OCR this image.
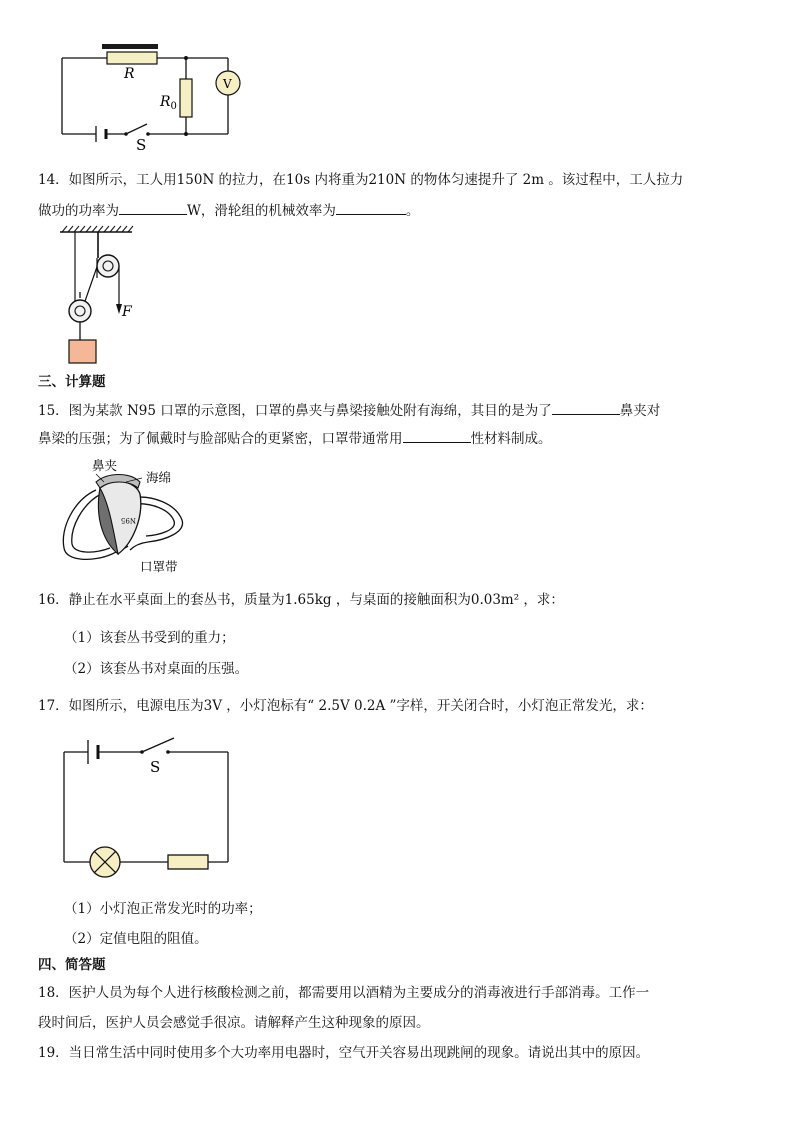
R
$R_0$
V
S
14．如图所示，工人用150N 的拉力，在10s 内将重为210N 的物体匀速提升了 2m 。该过程中，工人拉力
做功的功率为	W，滑轮组的机械效率为	。
F
三、计算题
15．图为某款 N95 口罩的示意图，口罩的鼻夹与鼻梁接触处附有海绵，其目的是为了	鼻夹对
鼻梁的压强；为了佩戴时与脸部贴合的更紧密，口罩带通常用	性材料制成。
N95
鼻夹
海绵
口罩带
16．静止在水平桌面上的套丛书，质量为1.65kg ，与桌面的接触面积为0.03m² ，求：
（1）该套丛书受到的重力；
（2）该套丛书对桌面的压强。
17．如图所示，电源电压为3V ，小灯泡标有“ 2.5V 0.2A ”字样，开关闭合时，小灯泡正常发光，求：
S
（1）小灯泡正常发光时的功率；
（2）定值电阻的阻值。
四、简答题
18．医护人员为每个人进行核酸检测之前，都需要用以酒精为主要成分的消毒液进行手部消毒。工作一
段时间后，医护人员会感觉手很凉。请解释产生这种现象的原因。
19．当日常生活中同时使用多个大功率用电器时，空气开关容易出现跳闸的现象。请说出其中的原因。
